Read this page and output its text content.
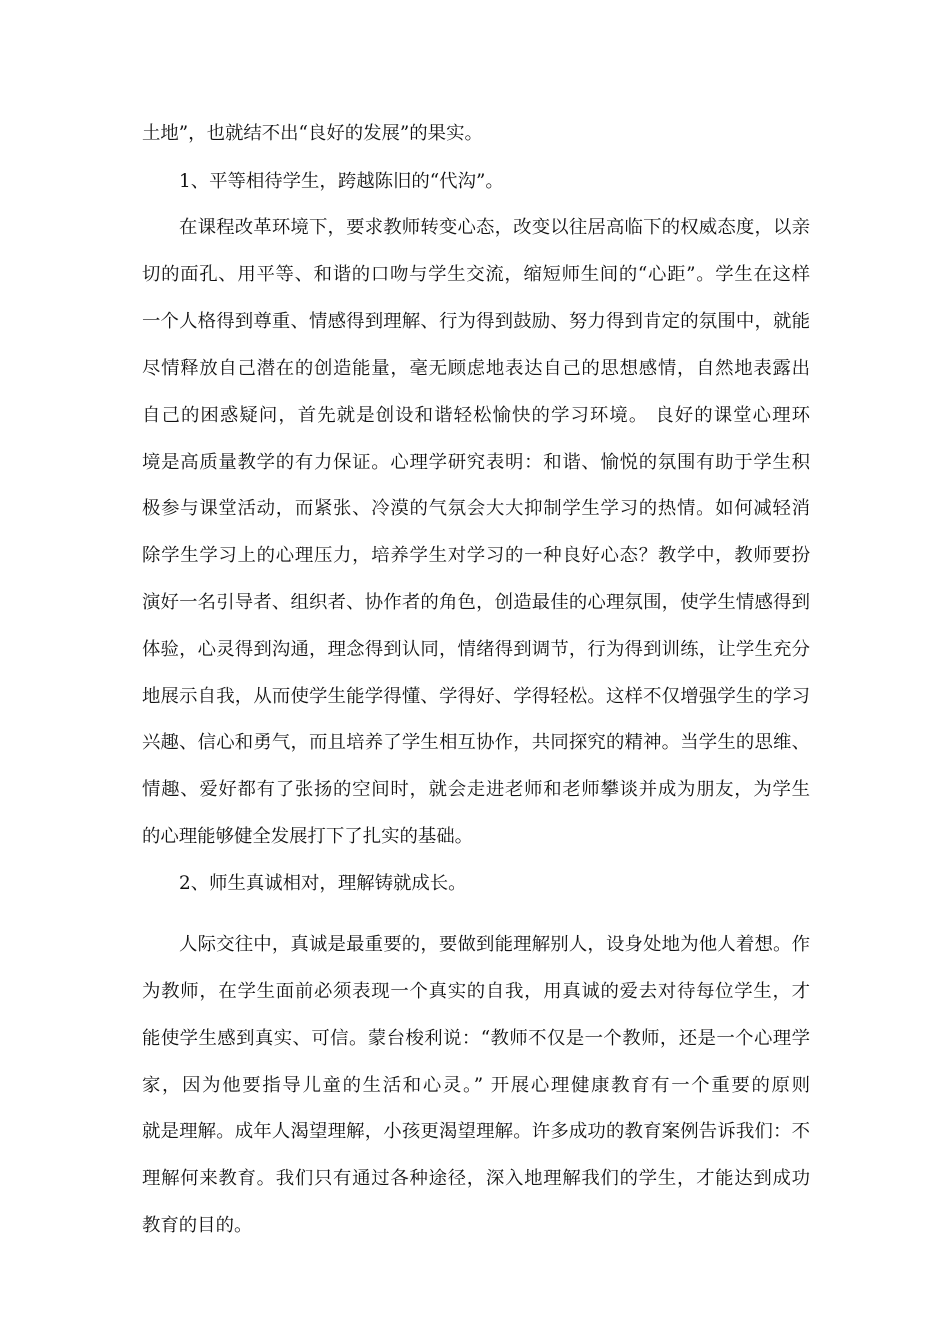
土地”，也就结不出“良好的发展”的果实。
1、平等相待学生，跨越陈旧的“代沟”。
在课程改革环境下，要求教师转变心态，改变以往居高临下的权威态度，以亲
切的面孔、用平等、和谐的口吻与学生交流，缩短师生间的“心距”。学生在这样
一个人格得到尊重、情感得到理解、行为得到鼓励、努力得到肯定的氛围中，就能
尽情释放自己潜在的创造能量，毫无顾虑地表达自己的思想感情，自然地表露出
自己的困惑疑问，首先就是创设和谐轻松愉快的学习环境。 良好的课堂心理环
境是高质量教学的有力保证。心理学研究表明：和谐、愉悦的氛围有助于学生积
极参与课堂活动，而紧张、冷漠的气氛会大大抑制学生学习的热情。如何减轻消
除学生学习上的心理压力，培养学生对学习的一种良好心态？教学中，教师要扮
演好一名引导者、组织者、协作者的角色，创造最佳的心理氛围，使学生情感得到
体验，心灵得到沟通，理念得到认同，情绪得到调节，行为得到训练，让学生充分
地展示自我，从而使学生能学得懂、学得好、学得轻松。这样不仅增强学生的学习
兴趣、信心和勇气，而且培养了学生相互协作，共同探究的精神。当学生的思维、
情趣、爱好都有了张扬的空间时，就会走进老师和老师攀谈并成为朋友，为学生
的心理能够健全发展打下了扎实的基础。
2、师生真诚相对，理解铸就成长。
人际交往中，真诚是最重要的，要做到能理解别人，设身处地为他人着想。作
为教师，在学生面前必须表现一个真实的自我，用真诚的爱去对待每位学生，才
能使学生感到真实、可信。蒙台梭利说：“教师不仅是一个教师，还是一个心理学
家，因为他要指导儿童的生活和心灵。” 开展心理健康教育有一个重要的原则
就是理解。成年人渴望理解，小孩更渴望理解。许多成功的教育案例告诉我们：不
理解何来教育。我们只有通过各种途径，深入地理解我们的学生，才能达到成功
教育的目的。
